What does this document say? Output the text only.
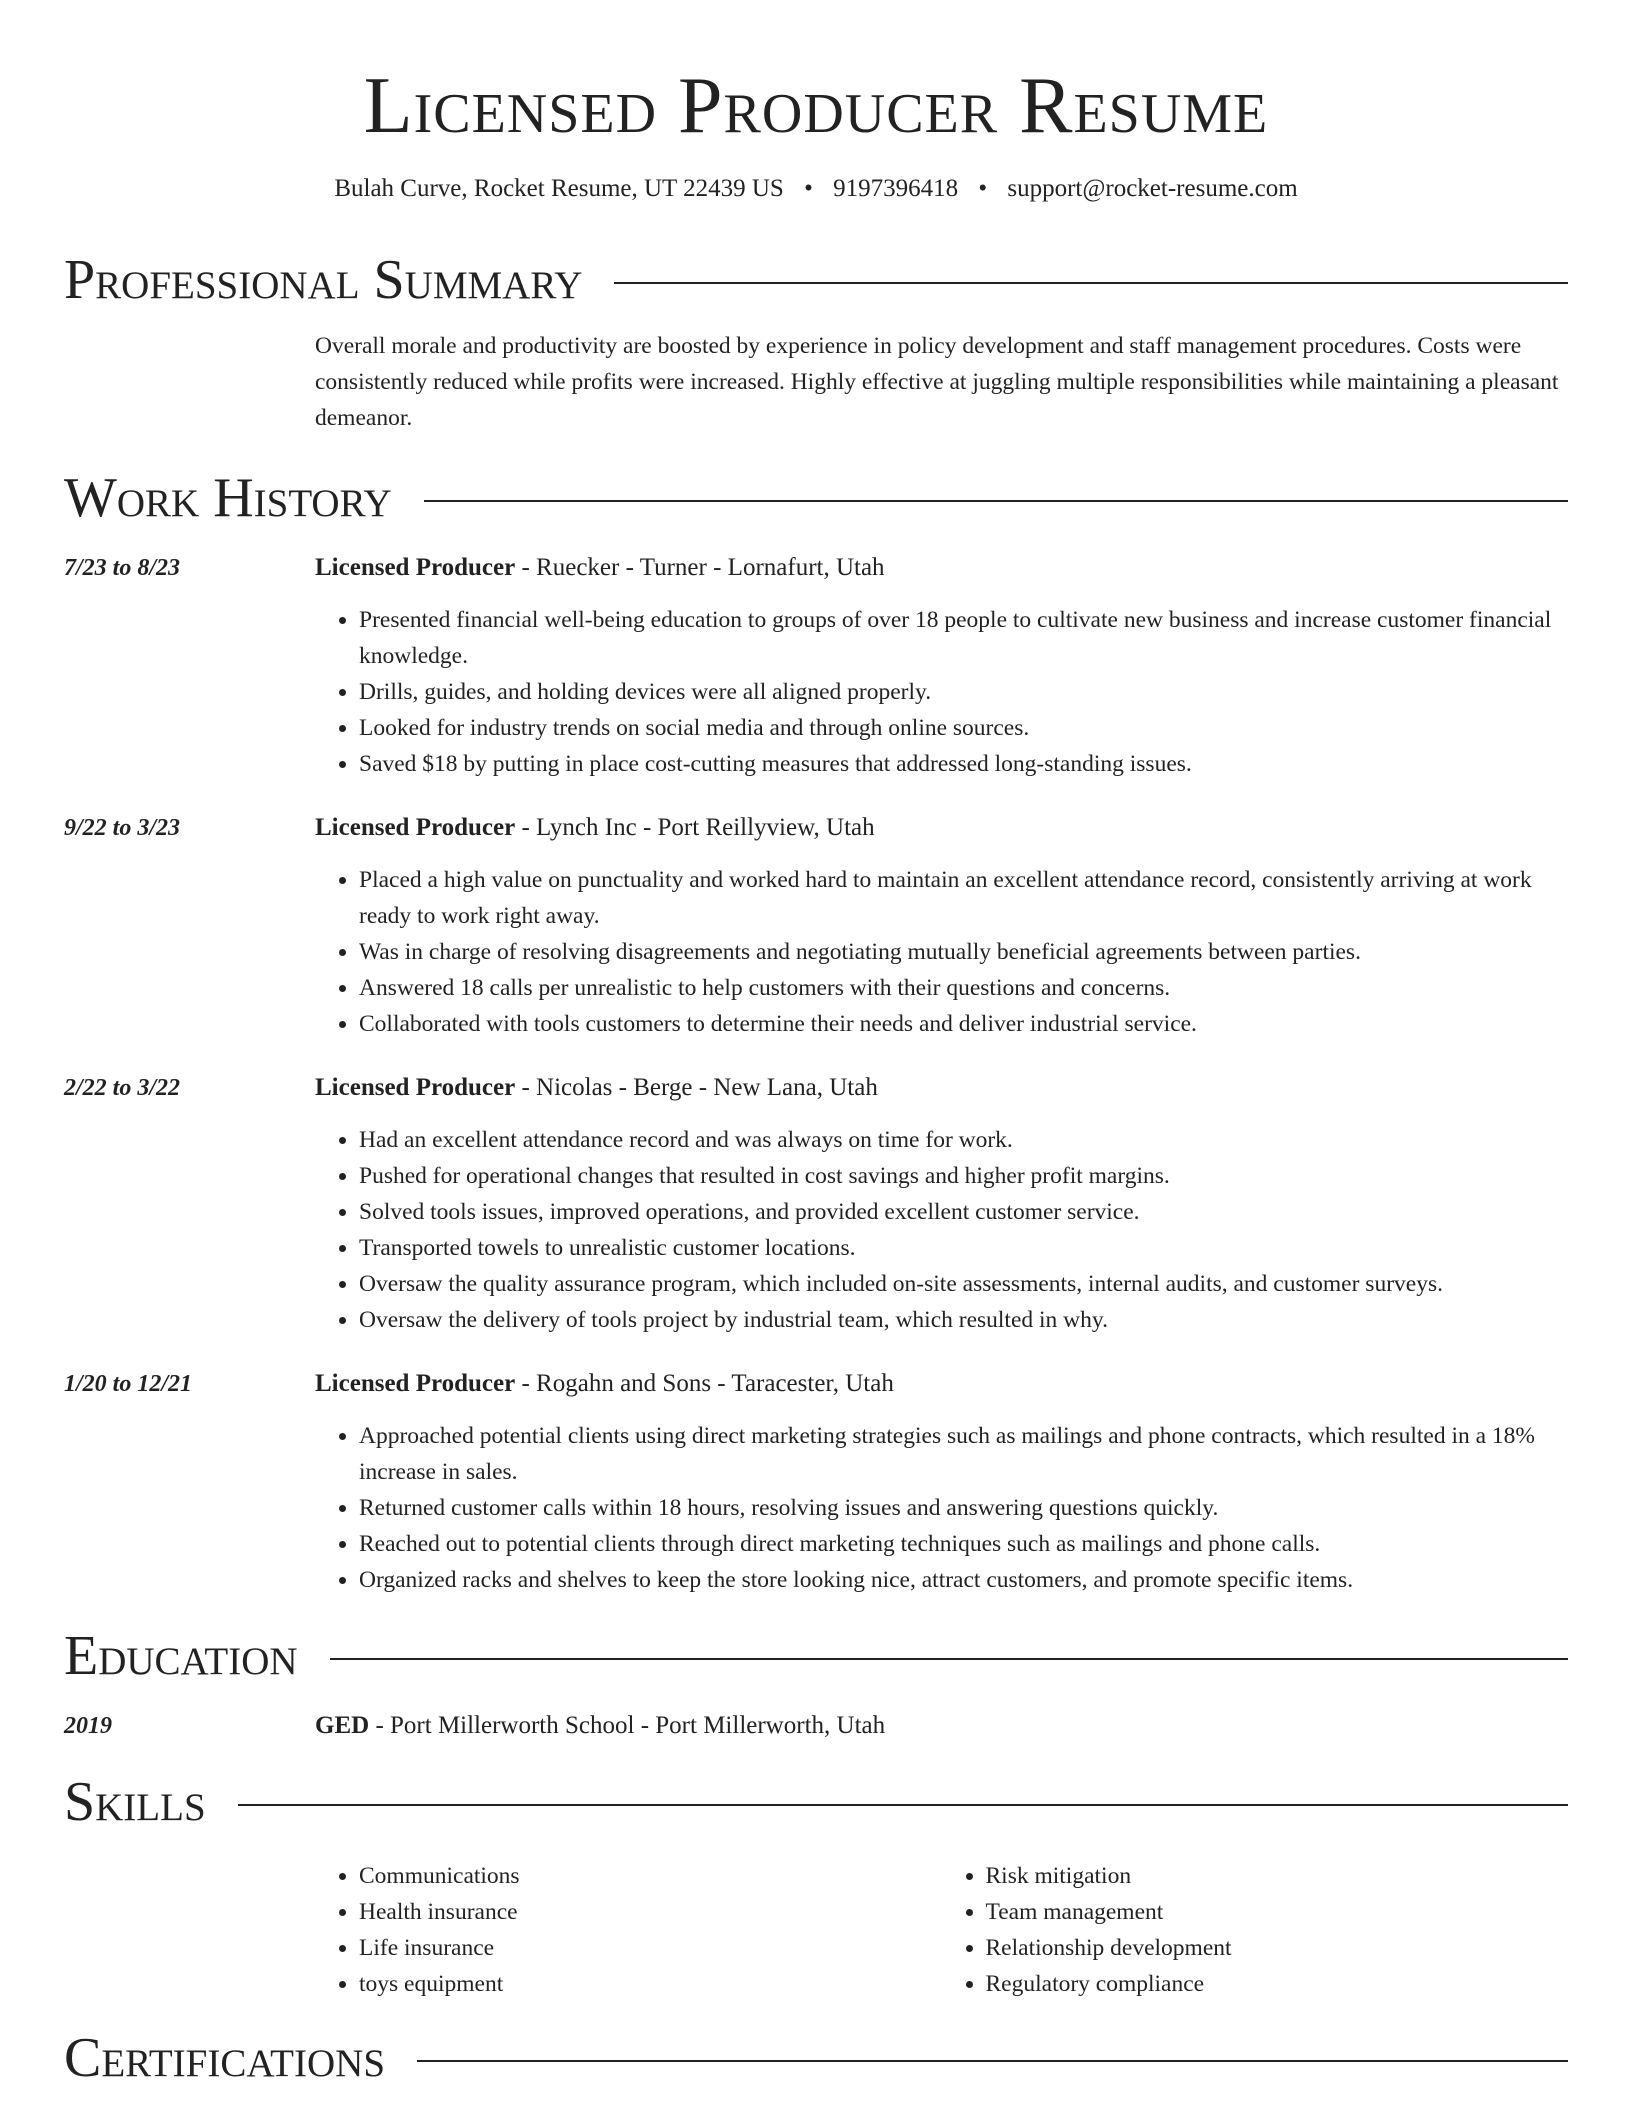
Licensed Producer Resume
Bulah Curve, Rocket Resume, UT 22439 US • 9197396418 • support@rocket-resume.com
Professional Summary

Overall morale and productivity are boosted by experience in policy development and staff management procedures. Costs were consistently reduced while profits were increased. Highly effective at juggling multiple responsibilities while maintaining a pleasant demeanor.

Work History
7/23 to 8/23	Licensed Producer - Ruecker - Turner - Lornafurt, Utah
• Presented financial well-being education to groups of over 18 people to cultivate new business and increase customer financial knowledge.
• Drills, guides, and holding devices were all aligned properly.
• Looked for industry trends on social media and through online sources.
• Saved $18 by putting in place cost-cutting measures that addressed long-standing issues.
9/22 to 3/23	Licensed Producer - Lynch Inc - Port Reillyview, Utah
• Placed a high value on punctuality and worked hard to maintain an excellent attendance record, consistently arriving at work ready to work right away.
• Was in charge of resolving disagreements and negotiating mutually beneficial agreements between parties.
• Answered 18 calls per unrealistic to help customers with their questions and concerns.
• Collaborated with tools customers to determine their needs and deliver industrial service.
2/22 to 3/22	Licensed Producer - Nicolas - Berge - New Lana, Utah
• Had an excellent attendance record and was always on time for work.
• Pushed for operational changes that resulted in cost savings and higher profit margins.
• Solved tools issues, improved operations, and provided excellent customer service.
• Transported towels to unrealistic customer locations.
• Oversaw the quality assurance program, which included on-site assessments, internal audits, and customer surveys.
• Oversaw the delivery of tools project by industrial team, which resulted in why.
1/20 to 12/21	Licensed Producer - Rogahn and Sons - Taracester, Utah
• Approached potential clients using direct marketing strategies such as mailings and phone contracts, which resulted in a 18% increase in sales.
• Returned customer calls within 18 hours, resolving issues and answering questions quickly.
• Reached out to potential clients through direct marketing techniques such as mailings and phone calls.
• Organized racks and shelves to keep the store looking nice, attract customers, and promote specific items.
Education
2019	GED - Port Millerworth School - Port Millerworth, Utah
Skills
• Communications
• Health insurance
• Life insurance
• toys equipment
• Risk mitigation
• Team management
• Relationship development
• Regulatory compliance
Certifications
